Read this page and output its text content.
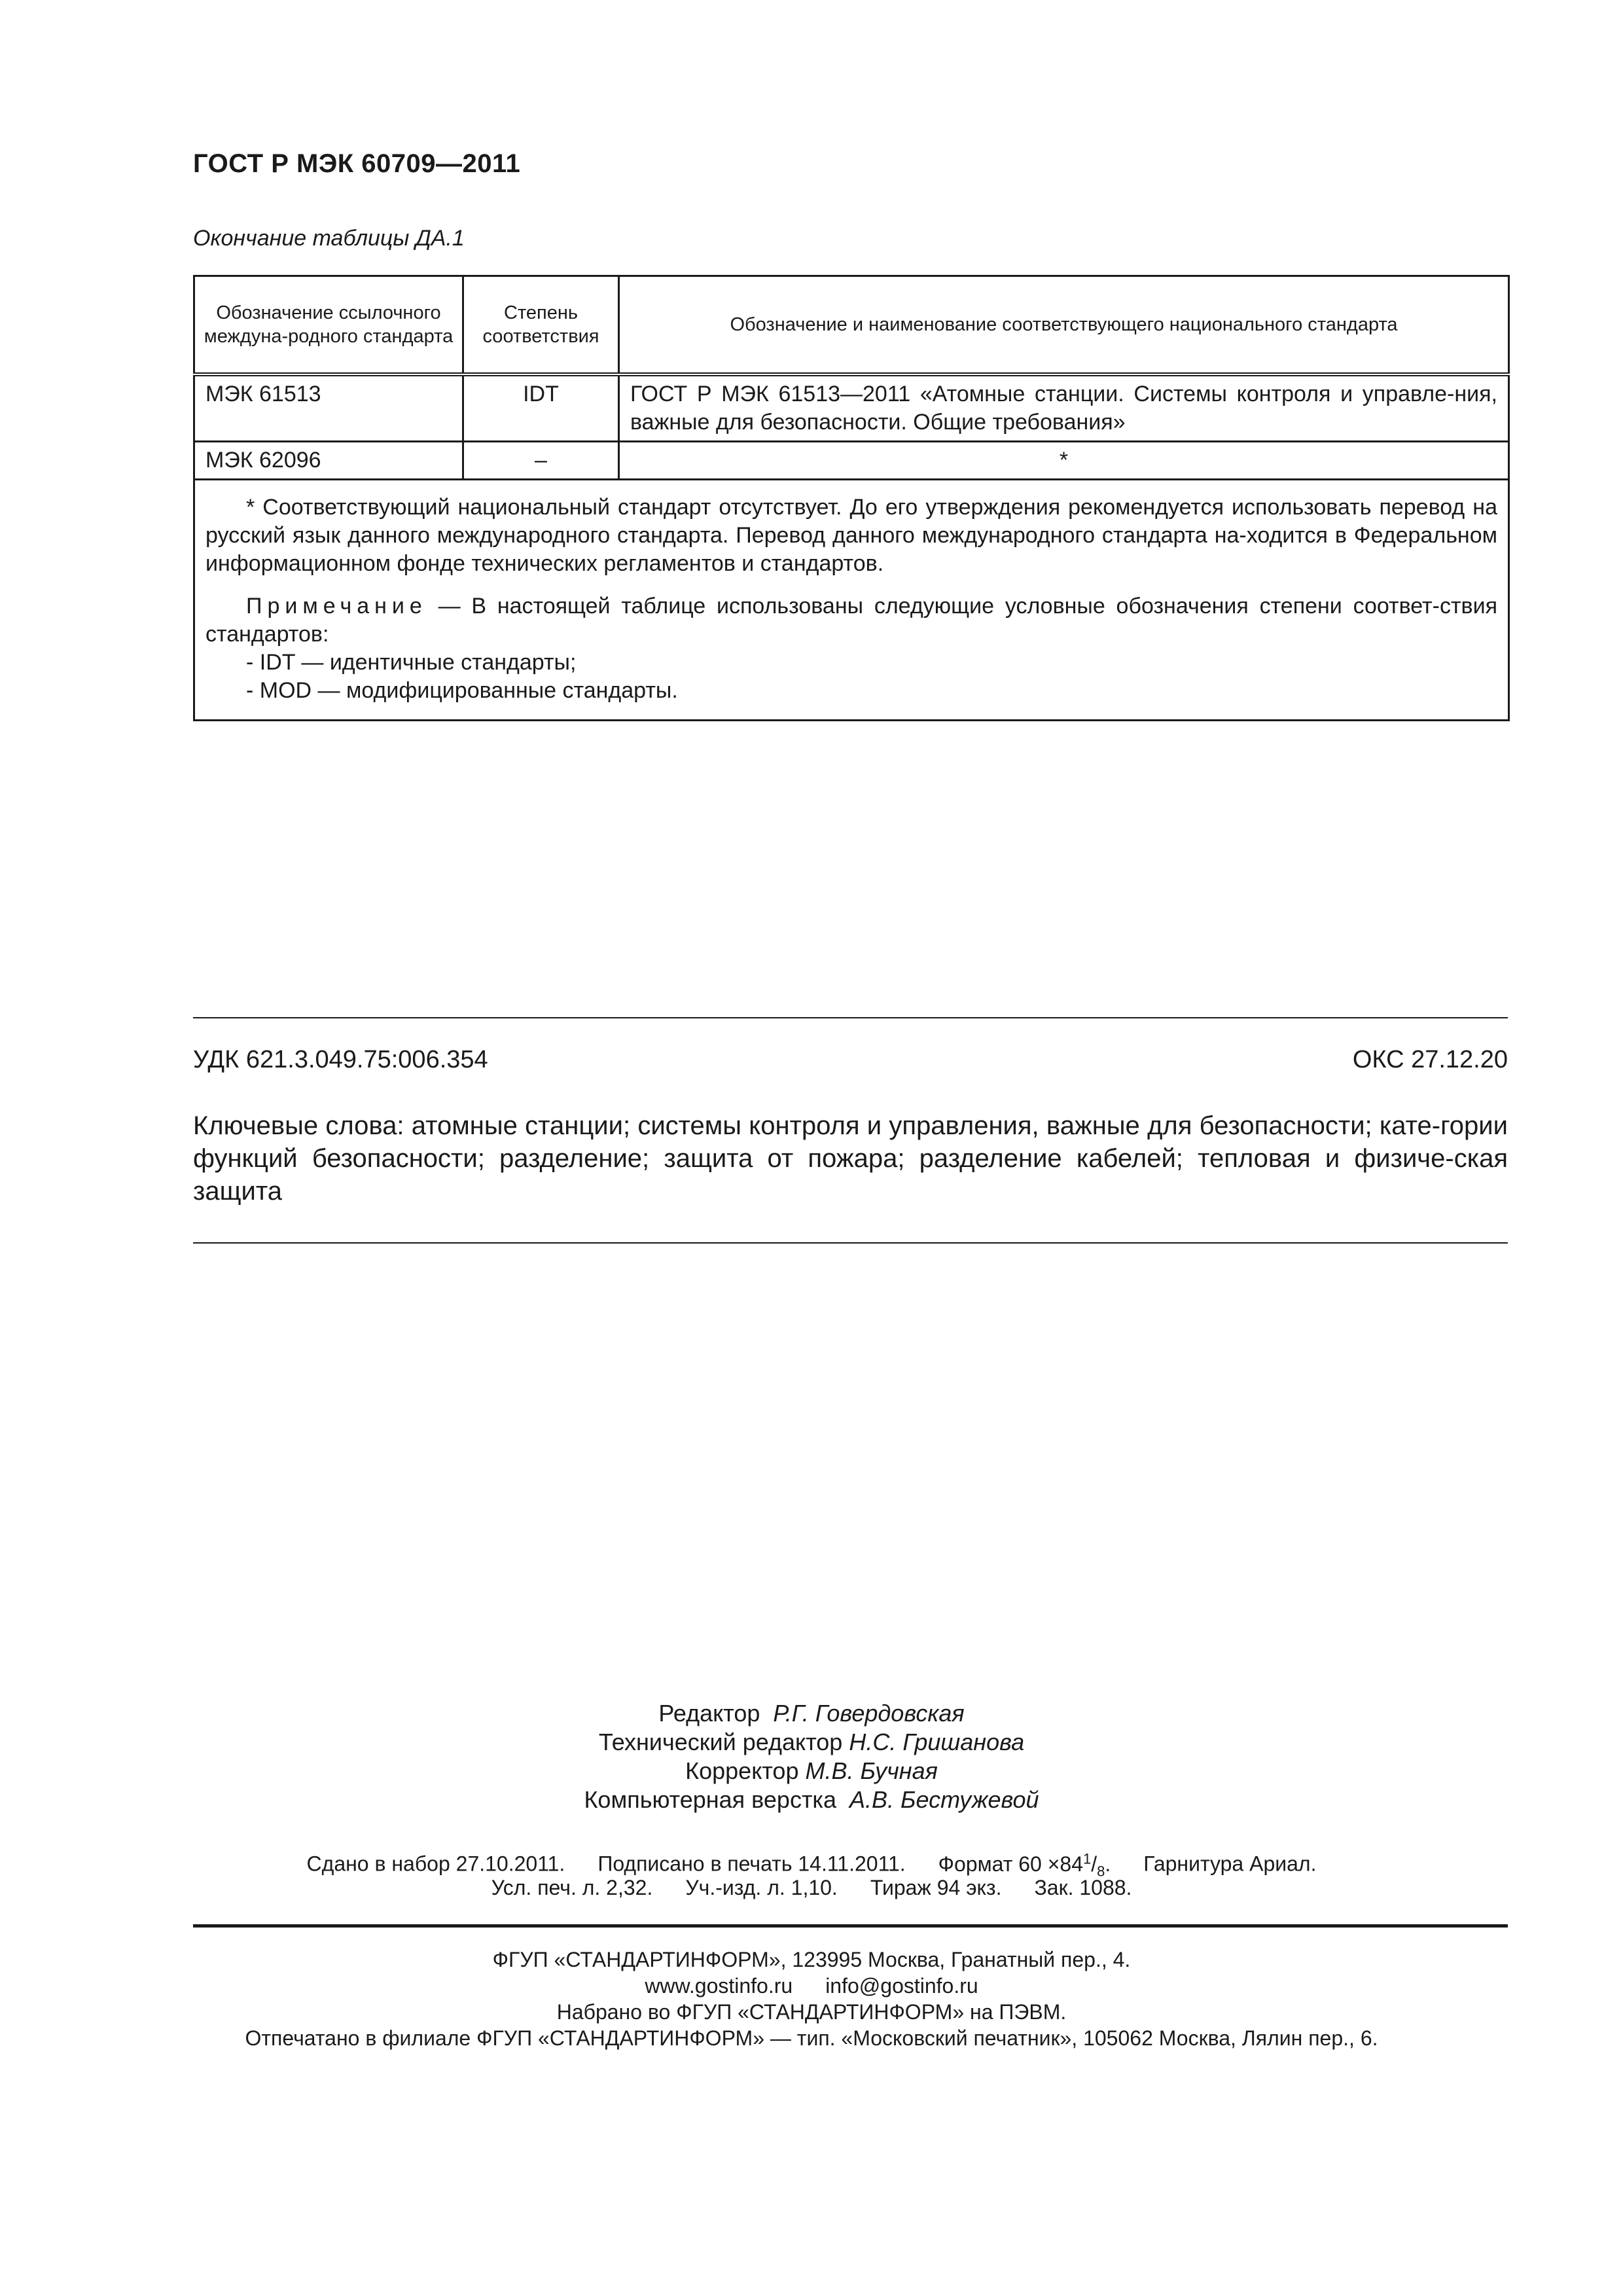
ГОСТ Р МЭК 60709—2011
Окончание таблицы ДА.1
Обозначение ссылочного междуна-родного стандарта	Степень соответствия	Обозначение и наименование соответствующего национального стандарта
МЭК 61513	IDT	ГОСТ Р МЭК 61513—2011 «Атомные станции. Системы контроля и управле-ния, важные для безопасности. Общие требования»
МЭК 62096	–	*

* Соответствующий национальный стандарт отсутствует. До его утверждения рекомендуется использовать перевод на русский язык данного международного стандарта. Перевод данного международного стандарта на-ходится в Федеральном информационном фонде технических регламентов и стандартов.

Примечание — В настоящей таблице использованы следующие условные обозначения степени соответ-ствия стандартов:

- IDT — идентичные стандарты;
- MOD — модифицированные стандарты.		
УДК 621.3.049.75:006.354	ОКС 27.12.20
Ключевые слова: атомные станции; системы контроля и управления, важные для безопасности; кате-гории функций безопасности; разделение; защита от пожара; разделение кабелей; тепловая и физиче-ская защита
Редактор Р.Г. Говердовская
Технический редактор Н.С. Гришанова
Корректор М.В. Бучная
Компьютерная верстка А.В. Бестужевой
Сдано в набор 27.10.2011. Подписано в печать 14.11.2011. Формат $60 \times 84^1/_8$. Гарнитура Ариал.
Усл. печ. л. 2,32. Уч.-изд. л. 1,10. Тираж 94 экз. Зак. 1088.
ФГУП «СТАНДАРТИНФОРМ», 123995 Москва, Гранатный пер., 4.
www.gostinfo.ru info@gostinfo.ru
Набрано во ФГУП «СТАНДАРТИНФОРМ» на ПЭВМ.
Отпечатано в филиале ФГУП «СТАНДАРТИНФОРМ» — тип. «Московский печатник», 105062 Москва, Лялин пер., 6.
